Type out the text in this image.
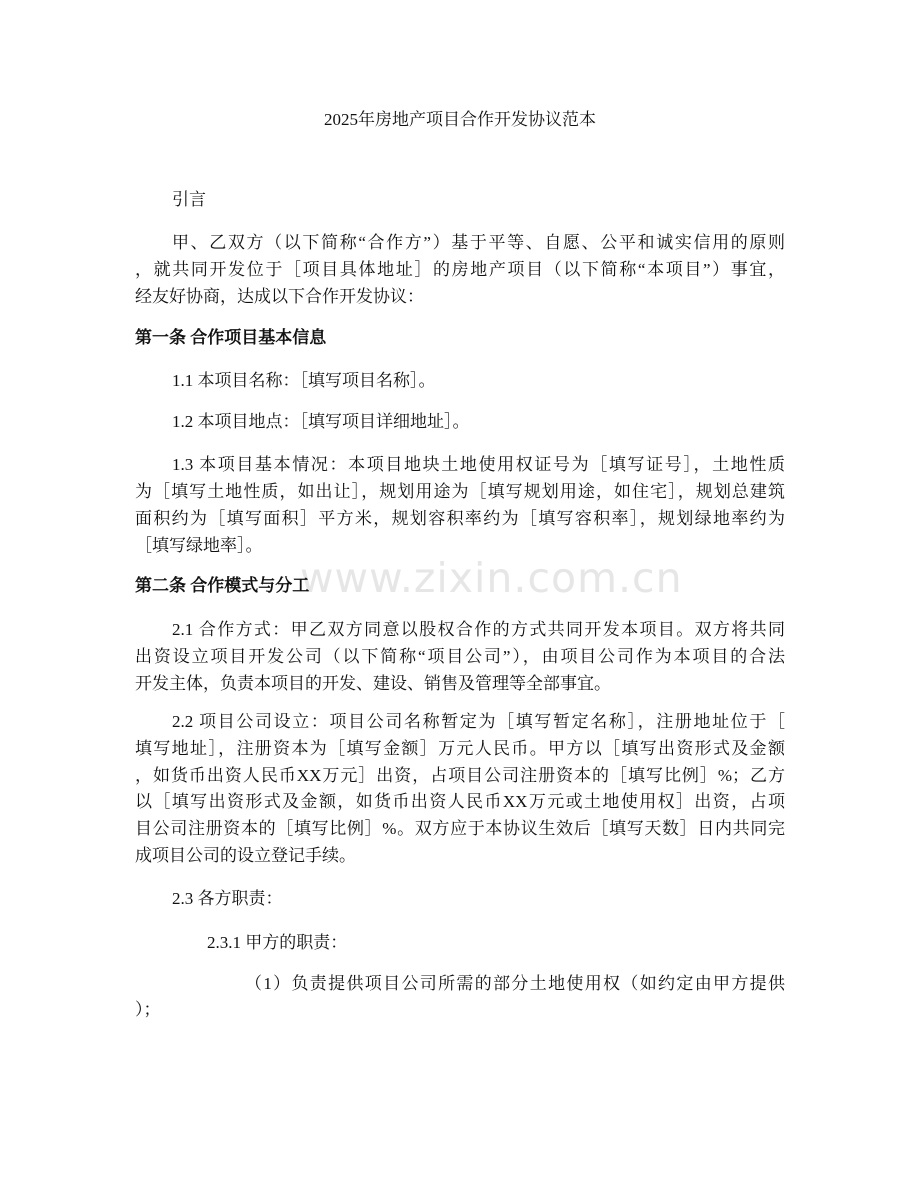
www.zixin.com.cn
2025年房地产项目合作开发协议范本
引言
甲、乙双方（以下简称“合作方”）基于平等、自愿、公平和诚实信用的原则
，就共同开发位于［项目具体地址］的房地产项目（以下简称“本项目”）事宜，
经友好协商，达成以下合作开发协议：
第一条 合作项目基本信息
1.1 本项目名称：［填写项目名称］。
1.2 本项目地点：［填写项目详细地址］。
1.3 本项目基本情况：本项目地块土地使用权证号为［填写证号］，土地性质
为［填写土地性质，如出让］，规划用途为［填写规划用途，如住宅］，规划总建筑
面积约为［填写面积］平方米，规划容积率约为［填写容积率］，规划绿地率约为
［填写绿地率］。
第二条 合作模式与分工
2.1 合作方式：甲乙双方同意以股权合作的方式共同开发本项目。双方将共同
出资设立项目开发公司（以下简称“项目公司”），由项目公司作为本项目的合法
开发主体，负责本项目的开发、建设、销售及管理等全部事宜。
2.2 项目公司设立：项目公司名称暂定为［填写暂定名称］，注册地址位于［
填写地址］，注册资本为［填写金额］万元人民币。甲方以［填写出资形式及金额
，如货币出资人民币XX万元］出资，占项目公司注册资本的［填写比例］%；乙方
以［填写出资形式及金额，如货币出资人民币XX万元或土地使用权］出资，占项
目公司注册资本的［填写比例］%。双方应于本协议生效后［填写天数］日内共同完
成项目公司的设立登记手续。
2.3 各方职责：
2.3.1 甲方的职责：
（1）负责提供项目公司所需的部分土地使用权（如约定由甲方提供
）；
